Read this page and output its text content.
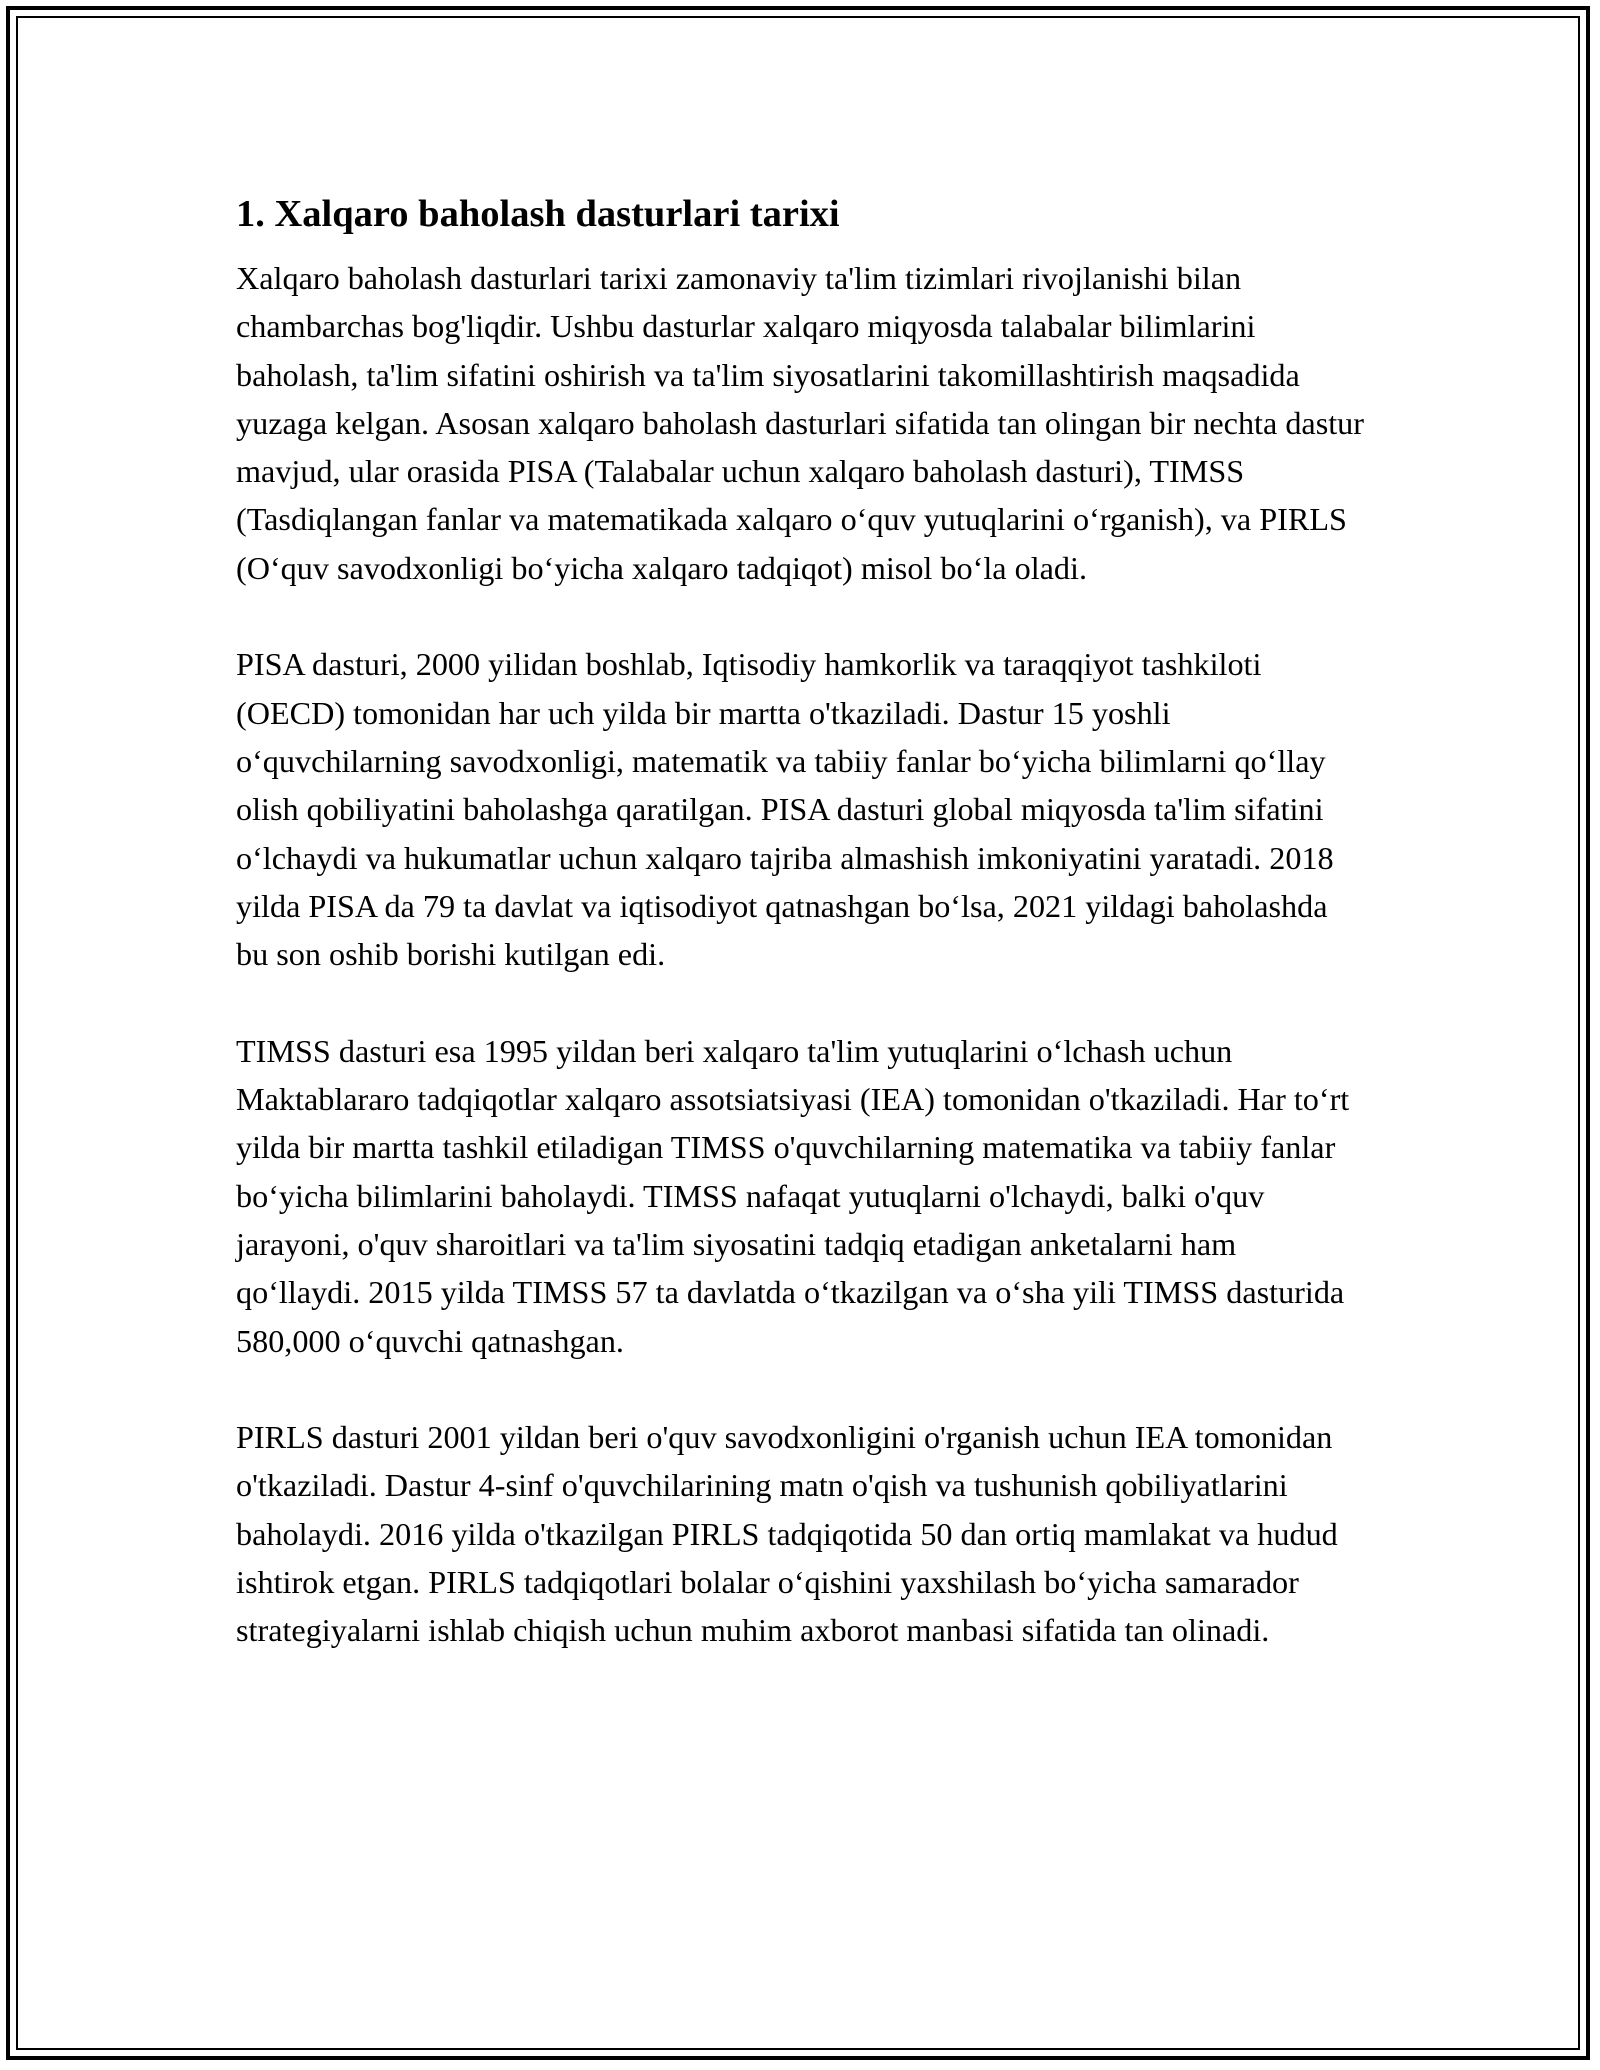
1. Xalqaro baholash dasturlari tarixi

Xalqaro baholash dasturlari tarixi zamonaviy ta'lim tizimlari rivojlanishi bilan chambarchas bog'liqdir. Ushbu dasturlar xalqaro miqyosda talabalar bilimlarini baholash, ta'lim sifatini oshirish va ta'lim siyosatlarini takomillashtirish maqsadida yuzaga kelgan. Asosan xalqaro baholash dasturlari sifatida tan olingan bir nechta dastur mavjud, ular orasida PISA (Talabalar uchun xalqaro baholash dasturi), TIMSS (Tasdiqlangan fanlar va matematikada xalqaro o‘quv yutuqlarini o‘rganish), va PIRLS (O‘quv savodxonligi bo‘yicha xalqaro tadqiqot) misol bo‘la oladi.

PISA dasturi, 2000 yilidan boshlab, Iqtisodiy hamkorlik va taraqqiyot tashkiloti (OECD) tomonidan har uch yilda bir martta o'tkaziladi. Dastur 15 yoshli o‘quvchilarning savodxonligi, matematik va tabiiy fanlar bo‘yicha bilimlarni qo‘llay olish qobiliyatini baholashga qaratilgan. PISA dasturi global miqyosda ta'lim sifatini o‘lchaydi va hukumatlar uchun xalqaro tajriba almashish imkoniyatini yaratadi. 2018 yilda PISA da 79 ta davlat va iqtisodiyot qatnashgan bo‘lsa, 2021 yildagi baholashda bu son oshib borishi kutilgan edi.

TIMSS dasturi esa 1995 yildan beri xalqaro ta'lim yutuqlarini o‘lchash uchun Maktablararo tadqiqotlar xalqaro assotsiatsiyasi (IEA) tomonidan o'tkaziladi. Har to‘rt yilda bir martta tashkil etiladigan TIMSS o'quvchilarning matematika va tabiiy fanlar bo‘yicha bilimlarini baholaydi. TIMSS nafaqat yutuqlarni o'lchaydi, balki o'quv jarayoni, o'quv sharoitlari va ta'lim siyosatini tadqiq etadigan anketalarni ham qo‘llaydi. 2015 yilda TIMSS 57 ta davlatda o‘tkazilgan va o‘sha yili TIMSS dasturida 580,000 o‘quvchi qatnashgan.

PIRLS dasturi 2001 yildan beri o'quv savodxonligini o'rganish uchun IEA tomonidan o'tkaziladi. Dastur 4-sinf o'quvchilarining matn o'qish va tushunish qobiliyatlarini baholaydi. 2016 yilda o'tkazilgan PIRLS tadqiqotida 50 dan ortiq mamlakat va hudud ishtirok etgan. PIRLS tadqiqotlari bolalar o‘qishini yaxshilash bo‘yicha samarador strategiyalarni ishlab chiqish uchun muhim axborot manbasi sifatida tan olinadi.
